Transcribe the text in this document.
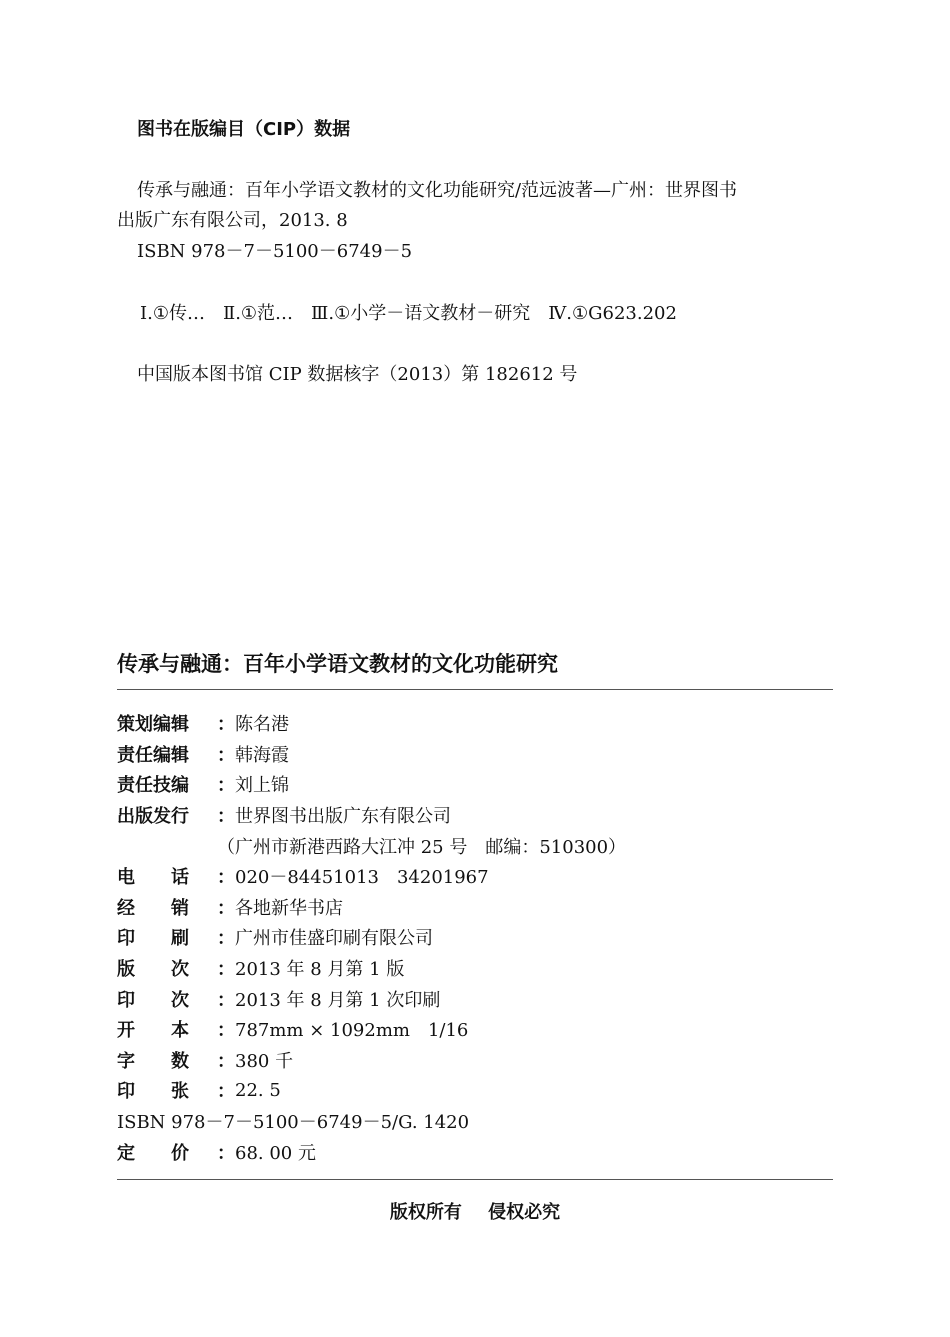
图书在版编目（CIP）数据
传承与融通：百年小学语文教材的文化功能研究/范远波著—广州：世界图书
出版广东有限公司，2013. 8
ISBN 978－7－5100－6749－5
Ⅰ.①传…　Ⅱ.①范…　Ⅲ.①小学－语文教材－研究　Ⅳ.①G623.202
中国版本图书馆 CIP 数据核字（2013）第 182612 号
传承与融通：百年小学语文教材的文化功能研究
策划编辑	： 陈名港
责任编辑	： 韩海霞
责任技编	： 刘上锦
出版发行	： 世界图书出版广东有限公司
（广州市新港西路大江冲 25 号　邮编：510300）
电　　话	： 020－84451013　34201967
经　　销	： 各地新华书店
印　　刷	： 广州市佳盛印刷有限公司
版　　次	： 2013 年 8 月第 1 版
印　　次	： 2013 年 8 月第 1 次印刷
开　　本	： 787mm × 1092mm　1/16
字　　数	： 380 千
印　　张	： 22. 5
ISBN 978－7－5100－6749－5/G. 1420
定　　价	： 68. 00 元
版权所有 侵权必究
